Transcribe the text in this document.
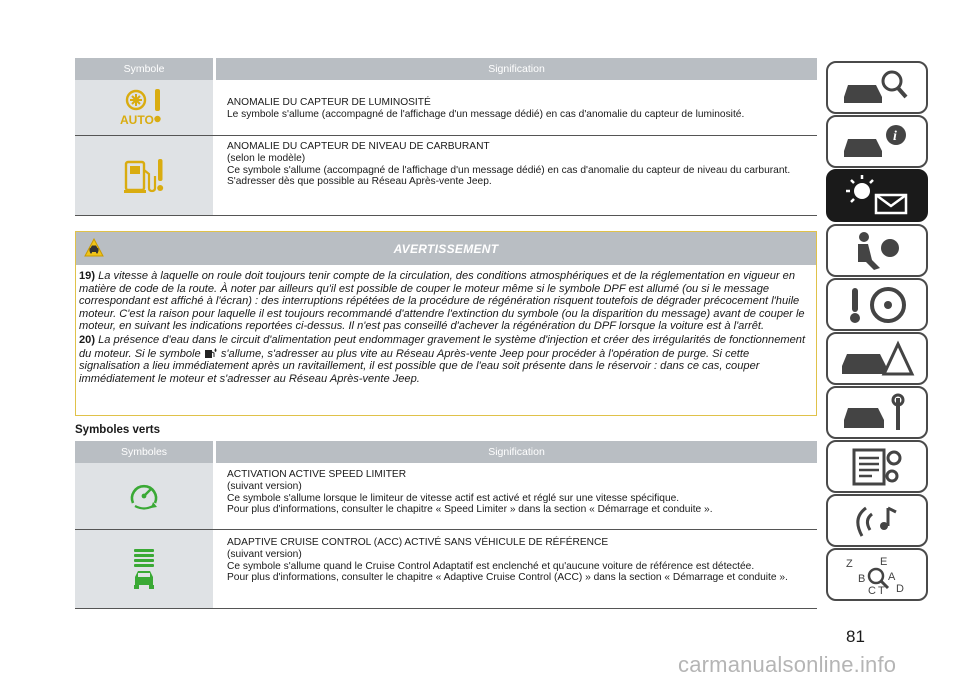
Symbole	Signification
AUTO
ANOMALIE DU CAPTEUR DE LUMINOSITÉ
Le symbole s'allume (accompagné de l'affichage d'un message dédié) en cas d'anomalie du capteur de luminosité.
ANOMALIE DU CAPTEUR DE NIVEAU DE CARBURANT
(selon le modèle)
Ce symbole s'allume (accompagné de l'affichage d'un message dédié) en cas d'anomalie du capteur de niveau du carburant.
S'adresser dès que possible au Réseau Après-vente Jeep.
AVERTISSEMENT

19) La vitesse à laquelle on roule doit toujours tenir compte de la circulation, des conditions atmosphériques et de la réglementation en vigueur en matière de code de la route. À noter par ailleurs qu'il est possible de couper le moteur même si le symbole DPF est allumé (ou si le message correspondant est affiché à l'écran) : des interruptions répétées de la procédure de régénération risquent toutefois de dégrader précocement l'huile moteur. C'est la raison pour laquelle il est toujours recommandé d'attendre l'extinction du symbole (ou la disparition du message) avant de couper le moteur, en suivant les indications reportées ci-dessus. Il n'est pas conseillé d'achever la régénération du DPF lorsque la voiture est à l'arrêt.

20) La présence d'eau dans le circuit d'alimentation peut endommager gravement le système d'injection et créer des irrégularités de fonctionnement du moteur. Si le symbole s'allume, s'adresser au plus vite au Réseau Après-vente Jeep pour procéder à l'opération de purge. Si cette signalisation a lieu immédiatement après un ravitaillement, il est possible que de l'eau soit présente dans le réservoir : dans ce cas, couper immédiatement le moteur et s'adresser au Réseau Après-vente Jeep.

Symboles verts
Symboles	Signification
ACTIVATION ACTIVE SPEED LIMITER
(suivant version)
Ce symbole s'allume lorsque le limiteur de vitesse actif est activé et réglé sur une vitesse spécifique.
Pour plus d'informations, consulter le chapitre « Speed Limiter » dans la section « Démarrage et conduite ».
ADAPTIVE CRUISE CONTROL (ACC) ACTIVÉ SANS VÉHICULE DE RÉFÉRENCE
(suivant version)
Ce symbole s'allume quand le Cruise Control Adaptatif est enclenché et qu'aucune voiture de référence est détectée.
Pour plus d'informations, consulter le chapitre « Adaptive Cruise Control (ACC) » dans la section « Démarrage et conduite ».
i
Z E
B A
C T D
81
carmanualsonline.info
